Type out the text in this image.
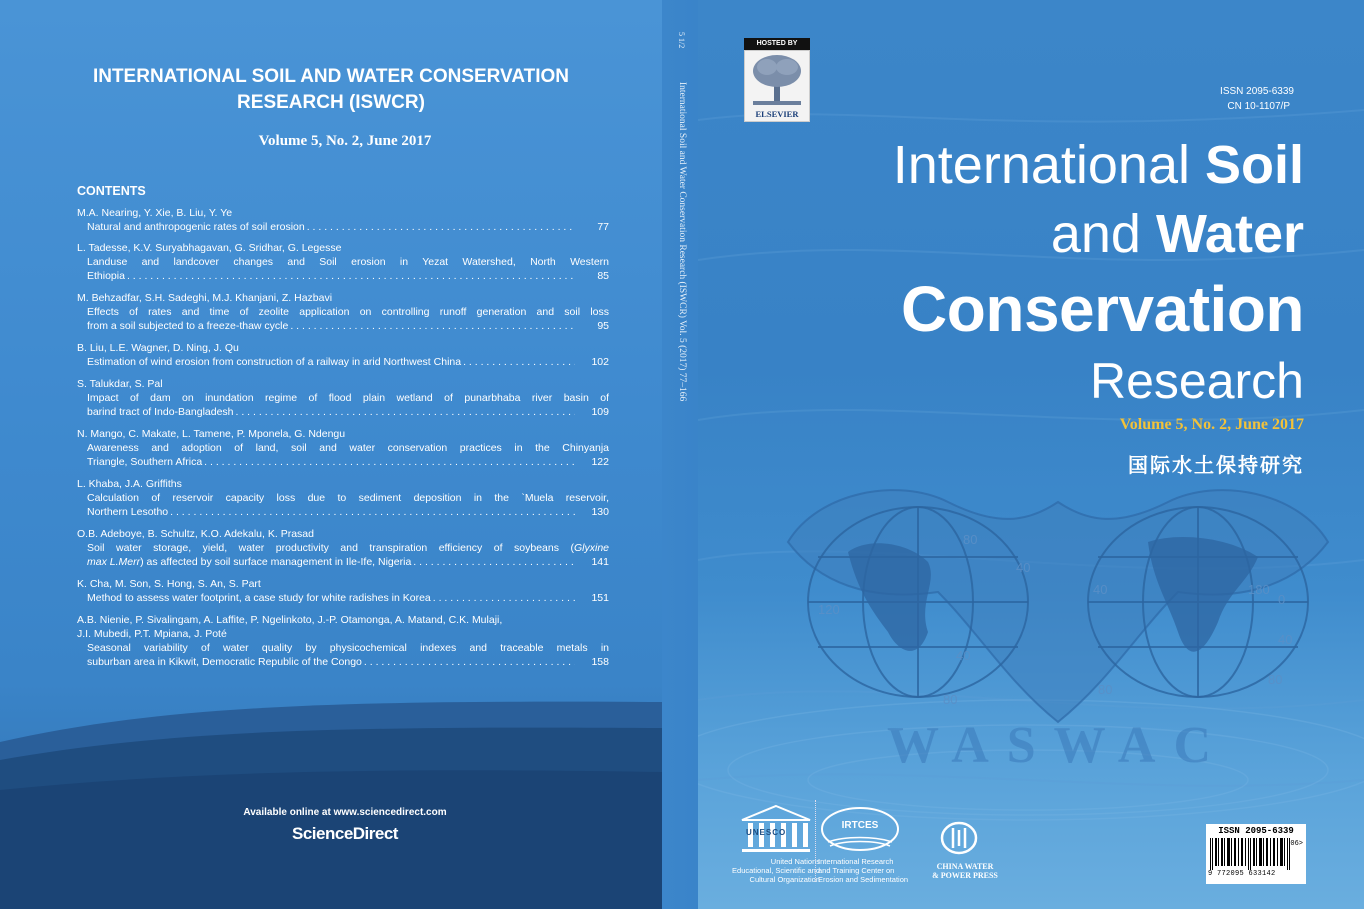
INTERNATIONAL SOIL AND WATER CONSERVATION
RESEARCH (ISWCR)
Volume 5, No. 2, June 2017
CONTENTS
M.A. Nearing, Y. Xie, B. Liu, Y. Ye
Natural and anthropogenic rates of soil erosion . . .	77
L. Tadesse, K.V. Suryabhagavan, G. Sridhar, G. Legesse
Landuse and landcover changes and Soil erosion in Yezat Watershed, North Western
Ethiopia . . .	85
M. Behzadfar, S.H. Sadeghi, M.J. Khanjani, Z. Hazbavi
Effects of rates and time of zeolite application on controlling runoff generation and soil loss
from a soil subjected to a freeze-thaw cycle . . .	95
B. Liu, L.E. Wagner, D. Ning, J. Qu
Estimation of wind erosion from construction of a railway in arid Northwest China . . .	102
S. Talukdar, S. Pal
Impact of dam on inundation regime of flood plain wetland of punarbhaba river basin of
barind tract of Indo-Bangladesh . . .	109
N. Mango, C. Makate, L. Tamene, P. Mponela, G. Ndengu
Awareness and adoption of land, soil and water conservation practices in the Chinyanja
Triangle, Southern Africa . . .	122
L. Khaba, J.A. Griffiths
Calculation of reservoir capacity loss due to sediment deposition in the `Muela reservoir,
Northern Lesotho . . .	130
O.B. Adeboye, B. Schultz, K.O. Adekalu, K. Prasad
Soil water storage, yield, water productivity and transpiration efficiency of soybeans (Glyxine
max L.Merr) as affected by soil surface management in Ile-Ife, Nigeria . . .	141
K. Cha, M. Son, S. Hong, S. An, S. Part
Method to assess water footprint, a case study for white radishes in Korea . . .	151
A.B. Nienie, P. Sivalingam, A. Laffite, P. Ngelinkoto, J.-P. Otamonga, A. Matand, C.K. Mulaji,
J.I. Mubedi, P.T. Mpiana, J. Poté
Seasonal variability of water quality by physicochemical indexes and traceable metals in
suburban area in Kikwit, Democratic Republic of the Congo . . .	158
Available online at www.sciencedirect.com
ScienceDirect
5 1/2
International Soil and Water Conservation Research (ISWCR) Vol. 5 (2017) 77–166
HOSTED BY
ELSEVIER
ISSN 2095-6339
CN 10-1107/P
International Soil
and Water
Conservation
Research
Volume 5, No. 2, June 2017
国际水土保持研究
80
40
120
40	180
0
40
80
80
40
80
WASWAC
UNESCO
United Nations
Educational, Scientific and
Cultural Organization
IRTCES
International Research
and Training Center on
Erosion and Sedimentation
CHINA WATER
& POWER PRESS
ISSN 2095-6339
06>
9 772095 633142
